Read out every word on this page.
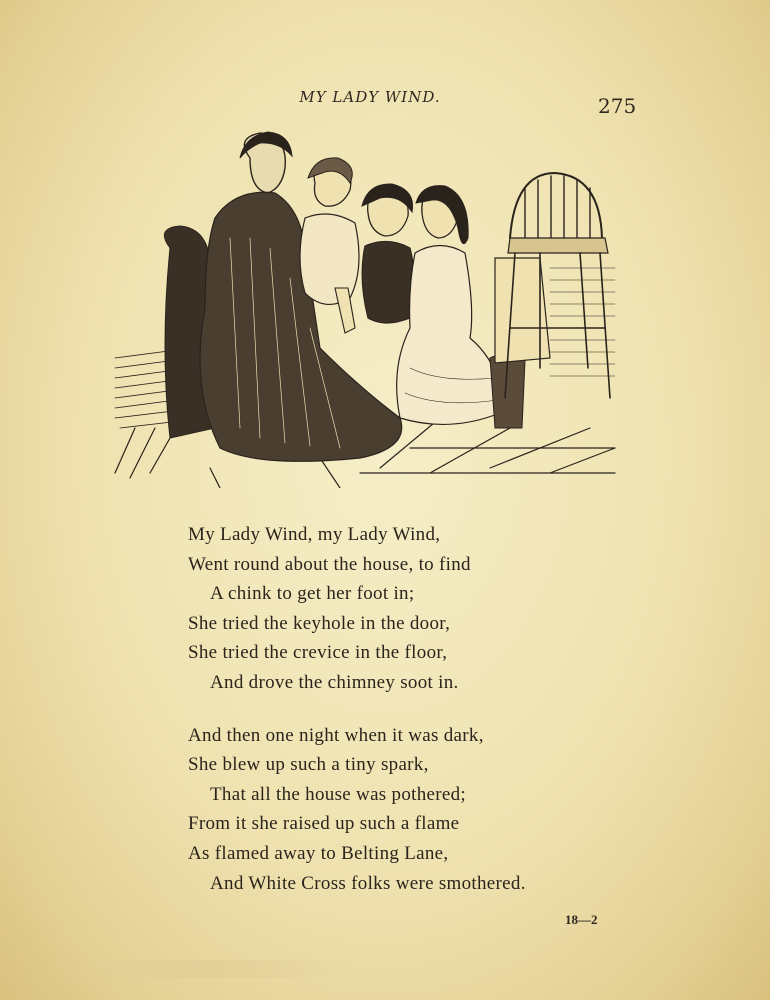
MY LADY WIND.	275
My Lady Wind, my Lady Wind,
Went round about the house, to find
A chink to get her foot in;
She tried the keyhole in the door,
She tried the crevice in the floor,
And drove the chimney soot in.
And then one night when it was dark,
She blew up such a tiny spark,
That all the house was pothered;
From it she raised up such a flame
As flamed away to Belting Lane,
And White Cross folks were smothered.
18—2
